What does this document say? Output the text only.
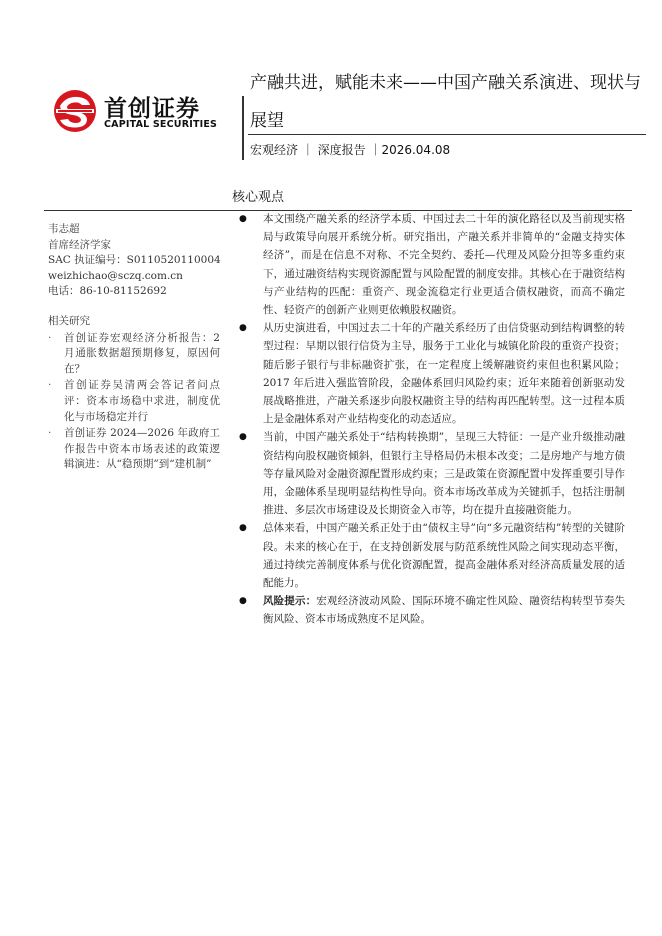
首创证券
CAPITAL SECURITIES
产融共进，赋能未来——中国产融关系演进、现状与展望
宏观经济 ｜ 深度报告 ｜2026.04.08
核心观点
韦志超
首席经济学家
SAC 执证编号：S0110520110004
weizhichao@sczq.com.cn
电话：86-10-81152692
相关研究
·	首创证券宏观经济分析报告：2 月通胀数据超预期修复，原因何在？
·	首创证券吴清两会答记者问点评：资本市场稳中求进，制度优化与市场稳定并行
·	首创证券 2024—2026 年政府工作报告中资本市场表述的政策逻辑演进：从“稳预期”到“建机制”
●	本文围绕产融关系的经济学本质、中国过去二十年的演化路径以及当前现实格局与政策导向展开系统分析。研究指出，产融关系并非简单的“金融支持实体经济”，而是在信息不对称、不完全契约、委托—代理及风险分担等多重约束下，通过融资结构实现资源配置与风险配置的制度安排。其核心在于融资结构与产业结构的匹配：重资产、现金流稳定行业更适合债权融资，而高不确定性、轻资产的创新产业则更依赖股权融资。
●	从历史演进看，中国过去二十年的产融关系经历了由信贷驱动到结构调整的转型过程：早期以银行信贷为主导，服务于工业化与城镇化阶段的重资产投资；随后影子银行与非标融资扩张，在一定程度上缓解融资约束但也积累风险；2017 年后进入强监管阶段，金融体系回归风险约束；近年来随着创新驱动发展战略推进，产融关系逐步向股权融资主导的结构再匹配转型。这一过程本质上是金融体系对产业结构变化的动态适应。
●	当前，中国产融关系处于“结构转换期”，呈现三大特征：一是产业升级推动融资结构向股权融资倾斜，但银行主导格局仍未根本改变；二是房地产与地方债等存量风险对金融资源配置形成约束；三是政策在资源配置中发挥重要引导作用，金融体系呈现明显结构性导向。资本市场改革成为关键抓手，包括注册制推进、多层次市场建设及长期资金入市等，均在提升直接融资能力。
●	总体来看，中国产融关系正处于由“债权主导”向“多元融资结构”转型的关键阶段。未来的核心在于，在支持创新发展与防范系统性风险之间实现动态平衡，通过持续完善制度体系与优化资源配置，提高金融体系对经济高质量发展的适配能力。
●	风险提示：宏观经济波动风险、国际环境不确定性风险、融资结构转型节奏失衡风险、资本市场成熟度不足风险。
